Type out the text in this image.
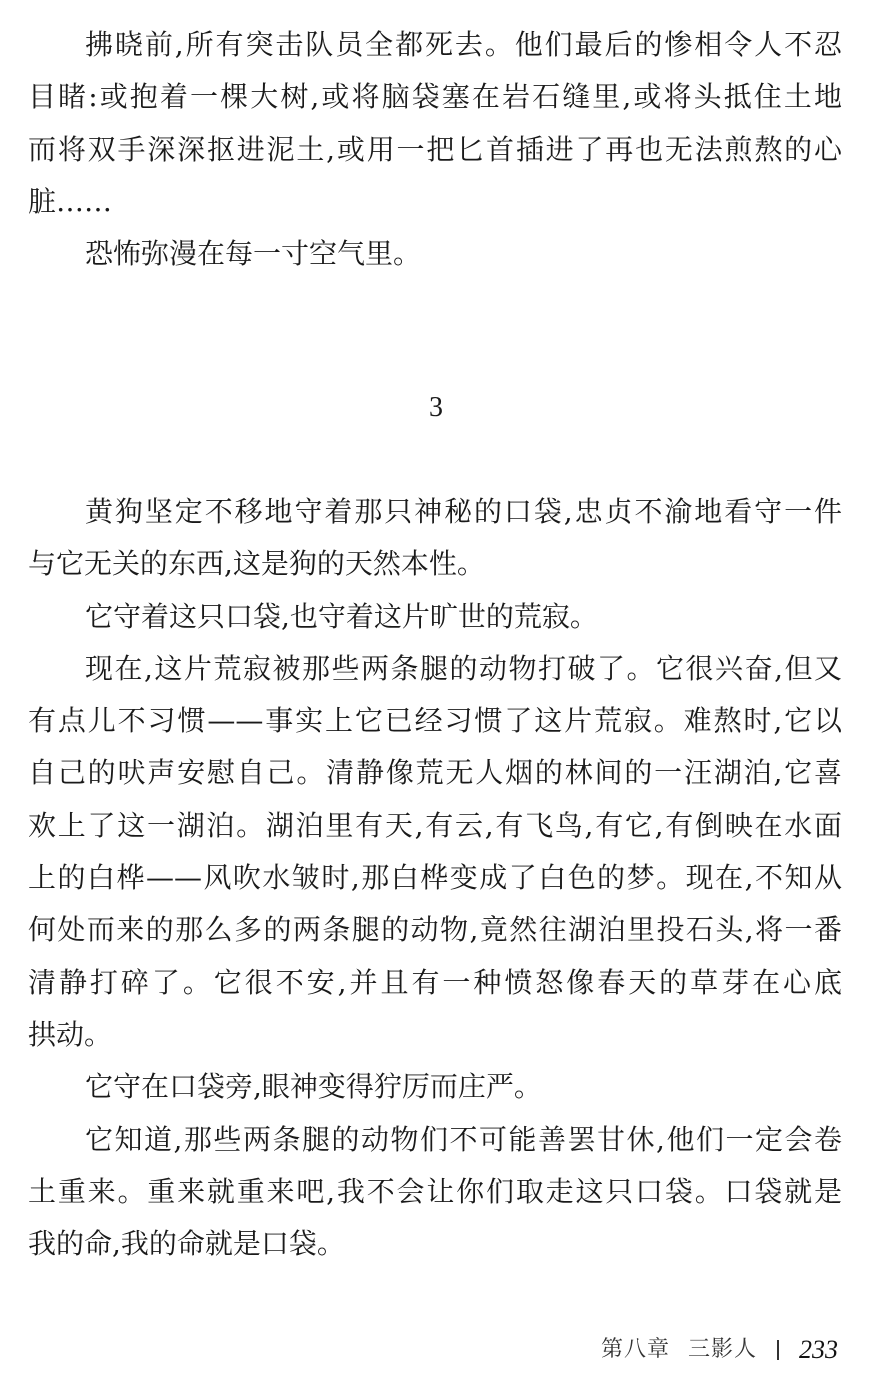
拂晓前,所有突击队员全都死去。他们最后的惨相令人不忍
目睹:或抱着一棵大树,或将脑袋塞在岩石缝里,或将头抵住土地
而将双手深深抠进泥土,或用一把匕首插进了再也无法煎熬的心
脏……
恐怖弥漫在每一寸空气里。
3
黄狗坚定不移地守着那只神秘的口袋,忠贞不渝地看守一件
与它无关的东西,这是狗的天然本性。
它守着这只口袋,也守着这片旷世的荒寂。
现在,这片荒寂被那些两条腿的动物打破了。它很兴奋,但又
有点儿不习惯——事实上它已经习惯了这片荒寂。难熬时,它以
自己的吠声安慰自己。清静像荒无人烟的林间的一汪湖泊,它喜
欢上了这一湖泊。湖泊里有天,有云,有飞鸟,有它,有倒映在水面
上的白桦——风吹水皱时,那白桦变成了白色的梦。现在,不知从
何处而来的那么多的两条腿的动物,竟然往湖泊里投石头,将一番
清静打碎了。它很不安,并且有一种愤怒像春天的草芽在心底
拱动。
它守在口袋旁,眼神变得狞厉而庄严。
它知道,那些两条腿的动物们不可能善罢甘休,他们一定会卷
土重来。重来就重来吧,我不会让你们取走这只口袋。口袋就是
我的命,我的命就是口袋。
第八章 三影人 233
